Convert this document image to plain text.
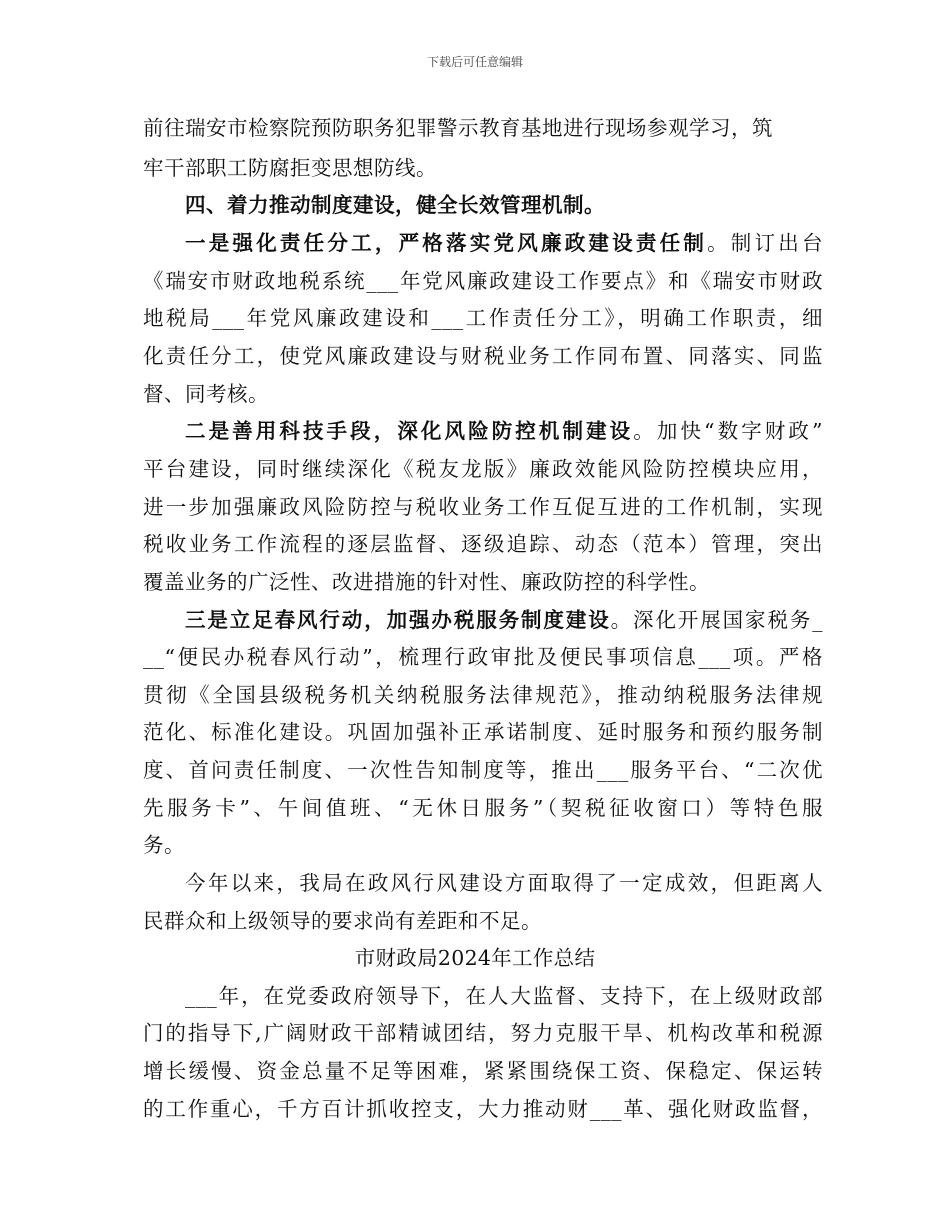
下载后可任意编辑
前往瑞安市检察院预防职务犯罪警示教育基地进行现场参观学习，筑
牢干部职工防腐拒变思想防线。
四、着力推动制度建设，健全长效管理机制。
一是强化责任分工，严格落实党风廉政建设责任制。制订出台
《瑞安市财政地税系统___年党风廉政建设工作要点》和《瑞安市财政
地税局___年党风廉政建设和___工作责任分工》，明确工作职责，细
化责任分工，使党风廉政建设与财税业务工作同布置、同落实、同监
督、同考核。
二是善用科技手段，深化风险防控机制建设。加快“数字财政”
平台建设，同时继续深化《税友龙版》廉政效能风险防控模块应用，
进一步加强廉政风险防控与税收业务工作互促互进的工作机制，实现
税收业务工作流程的逐层监督、逐级追踪、动态（范本）管理，突出
覆盖业务的广泛性、改进措施的针对性、廉政防控的科学性。
三是立足春风行动，加强办税服务制度建设。深化开展国家税务_
__“便民办税春风行动”，梳理行政审批及便民事项信息___项。严格
贯彻《全国县级税务机关纳税服务法律规范》，推动纳税服务法律规
范化、标准化建设。巩固加强补正承诺制度、延时服务和预约服务制
度、首问责任制度、一次性告知制度等，推出___服务平台、“二次优
先服务卡”、午间值班、“无休日服务”（契税征收窗口）等特色服
务。
今年以来，我局在政风行风建设方面取得了一定成效，但距离人
民群众和上级领导的要求尚有差距和不足。
市财政局2024年工作总结
___年，在党委政府领导下，在人大监督、支持下，在上级财政部
门的指导下,广阔财政干部精诚团结，努力克服干旱、机构改革和税源
增长缓慢、资金总量不足等困难，紧紧围绕保工资、保稳定、保运转
的工作重心，千方百计抓收控支，大力推动财___革、强化财政监督，
